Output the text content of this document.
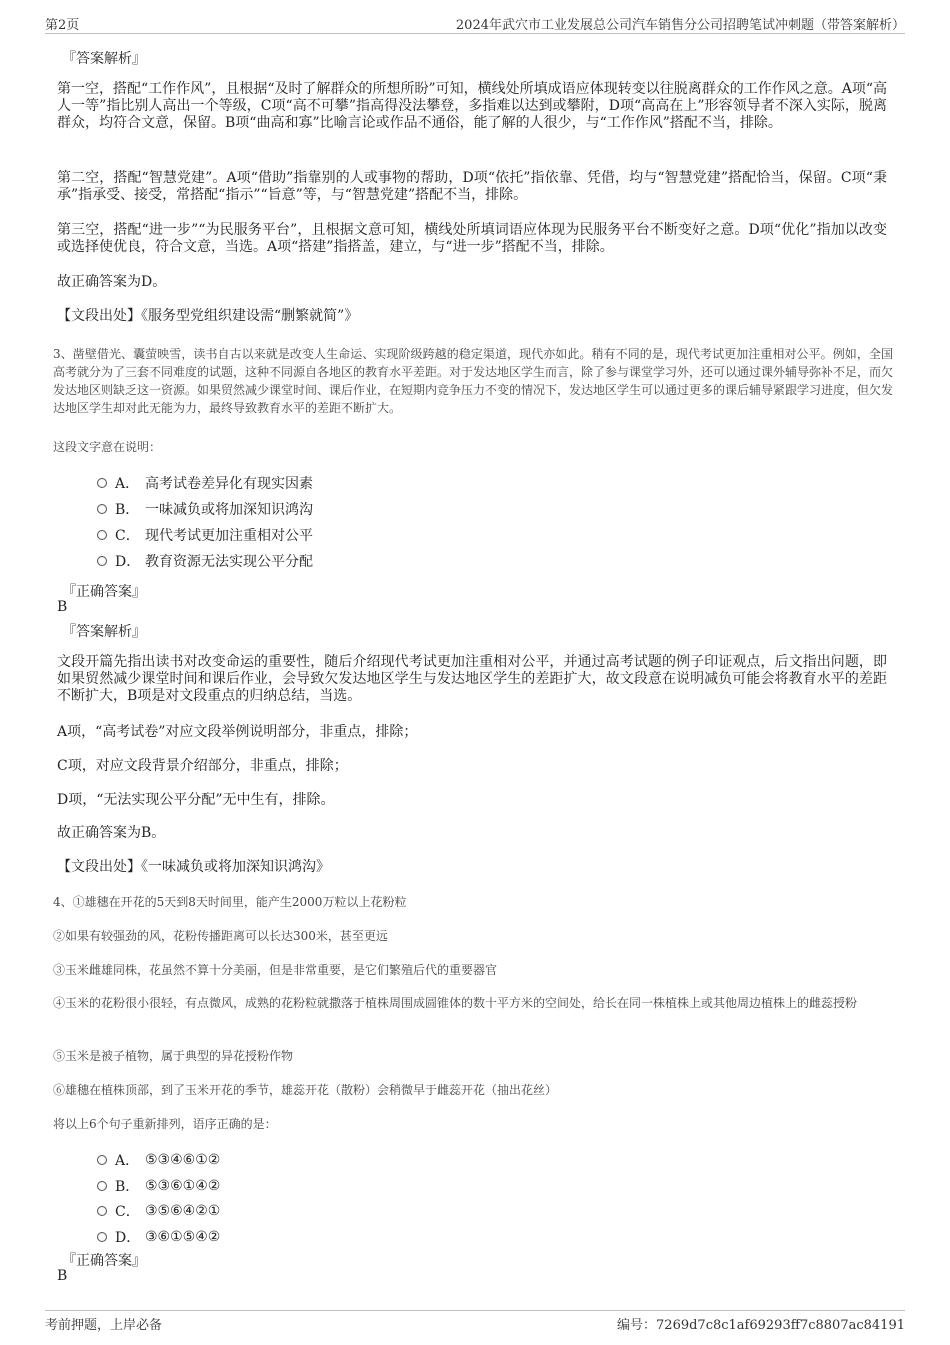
第2页	2024年武穴市工业发展总公司汽车销售分公司招聘笔试冲刺题（带答案解析）
『答案解析』
第一空，搭配“工作作风”，且根据“及时了解群众的所想所盼”可知，横线处所填成语应体现转变以往脱离群众的工作作风之意。A项“高人一等”指比别人高出一个等级，C项“高不可攀”指高得没法攀登，多指难以达到或攀附，D项“高高在上”形容领导者不深入实际，脱离群众，均符合文意，保留。B项“曲高和寡”比喻言论或作品不通俗，能了解的人很少，与“工作作风”搭配不当，排除。
第二空，搭配“智慧党建”。A项“借助”指靠别的人或事物的帮助，D项“依托”指依靠、凭借，均与“智慧党建”搭配恰当，保留。C项“秉承”指承受、接受，常搭配“指示”“旨意”等，与“智慧党建”搭配不当，排除。
第三空，搭配“进一步”“为民服务平台”，且根据文意可知，横线处所填词语应体现为民服务平台不断变好之意。D项“优化”指加以改变或选择使优良，符合文意，当选。A项“搭建”指搭盖，建立，与“进一步”搭配不当，排除。
故正确答案为D。
【文段出处】《服务型党组织建设需“删繁就简”》
3、凿壁借光、囊萤映雪，读书自古以来就是改变人生命运、实现阶级跨越的稳定渠道，现代亦如此。稍有不同的是，现代考试更加注重相对公平。例如，全国高考就分为了三套不同难度的试题，这种不同源自各地区的教育水平差距。对于发达地区学生而言，除了参与课堂学习外，还可以通过课外辅导弥补不足，而欠发达地区则缺乏这一资源。如果贸然减少课堂时间、课后作业，在短期内竞争压力不变的情况下，发达地区学生可以通过更多的课后辅导紧跟学习进度，但欠发达地区学生却对此无能为力，最终导致教育水平的差距不断扩大。
这段文字意在说明：
A． 高考试卷差异化有现实因素
B． 一味减负或将加深知识鸿沟
C． 现代考试更加注重相对公平
D． 教育资源无法实现公平分配
『正确答案』
B
『答案解析』
文段开篇先指出读书对改变命运的重要性，随后介绍现代考试更加注重相对公平，并通过高考试题的例子印证观点，后文指出问题，即如果贸然减少课堂时间和课后作业，会导致欠发达地区学生与发达地区学生的差距扩大，故文段意在说明减负可能会将教育水平的差距不断扩大，B项是对文段重点的归纳总结，当选。
A项，“高考试卷”对应文段举例说明部分，非重点，排除；
C项，对应文段背景介绍部分，非重点，排除；
D项，“无法实现公平分配”无中生有，排除。
故正确答案为B。
【文段出处】《一味减负或将加深知识鸿沟》
4、①雄穗在开花的5天到8天时间里，能产生2000万粒以上花粉粒
②如果有较强劲的风，花粉传播距离可以长达300米，甚至更远
③玉米雌雄同株，花虽然不算十分美丽，但是非常重要，是它们繁殖后代的重要器官
④玉米的花粉很小很轻，有点微风，成熟的花粉粒就撒落于植株周围成圆锥体的数十平方米的空间处，给长在同一株植株上或其他周边植株上的雌蕊授粉
⑤玉米是被子植物，属于典型的异花授粉作物
⑥雄穗在植株顶部，到了玉米开花的季节，雄蕊开花（散粉）会稍微早于雌蕊开花（抽出花丝）
将以上6个句子重新排列，语序正确的是：
A． ⑤③④⑥①②
B． ⑤③⑥①④②
C． ③⑤⑥④②①
D． ③⑥①⑤④②
『正确答案』
B
考前押题，上岸必备	编号：7269d7c8c1af69293ff7c8807ac84191
